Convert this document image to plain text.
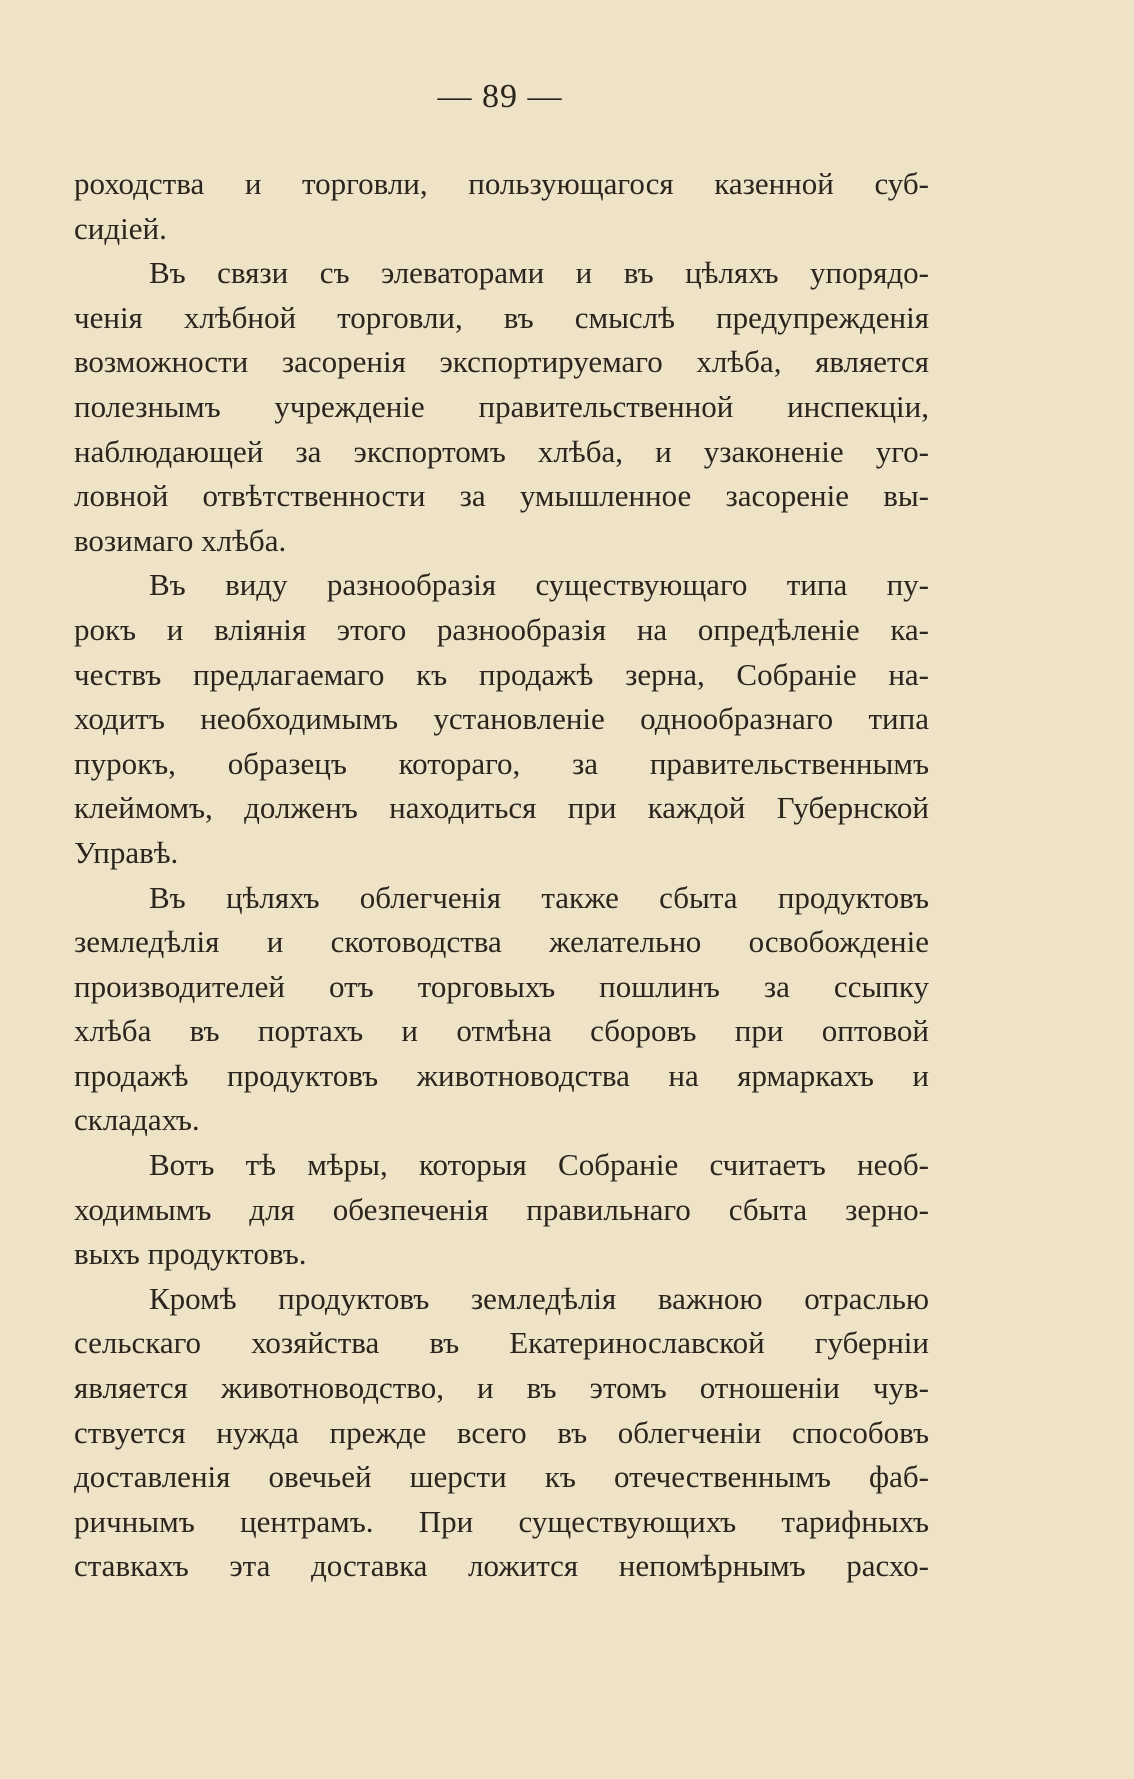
— 89 —
роходства и торговли, пользующагося казенной суб-
сидіей.
Въ связи съ элеваторами и въ цѣляхъ упорядо-
ченія хлѣбной торговли, въ смыслѣ предупрежденія
возможности засоренія экспортируемаго хлѣба, является
полезнымъ учрежденіе правительственной инспекціи,
наблюдающей за экспортомъ хлѣба, и узаконеніе уго-
ловной отвѣтственности за умышленное засореніе вы-
возимаго хлѣба.
Въ виду разнообразія существующаго типа пу-
рокъ и вліянія этого разнообразія на опредѣленіе ка-
чествъ предлагаемаго къ продажѣ зерна, Собраніе на-
ходитъ необходимымъ установленіе однообразнаго типа
пурокъ, образецъ котораго, за правительственнымъ
клеймомъ, долженъ находиться при каждой Губернской
Управѣ.
Въ цѣляхъ облегченія также сбыта продуктовъ
земледѣлія и скотоводства желательно освобожденіе
производителей отъ торговыхъ пошлинъ за ссыпку
хлѣба въ портахъ и отмѣна сборовъ при оптовой
продажѣ продуктовъ животноводства на ярмаркахъ и
складахъ.
Вотъ тѣ мѣры, которыя Собраніе считаетъ необ-
ходимымъ для обезпеченія правильнаго сбыта зерно-
выхъ продуктовъ.
Кромѣ продуктовъ земледѣлія важною отраслью
сельскаго хозяйства въ Екатеринославской губерніи
является животноводство, и въ этомъ отношеніи чув-
ствуется нужда прежде всего въ облегченіи способовъ
доставленія овечьей шерсти къ отечественнымъ фаб-
ричнымъ центрамъ. При существующихъ тарифныхъ
ставкахъ эта доставка ложится непомѣрнымъ расхо-
